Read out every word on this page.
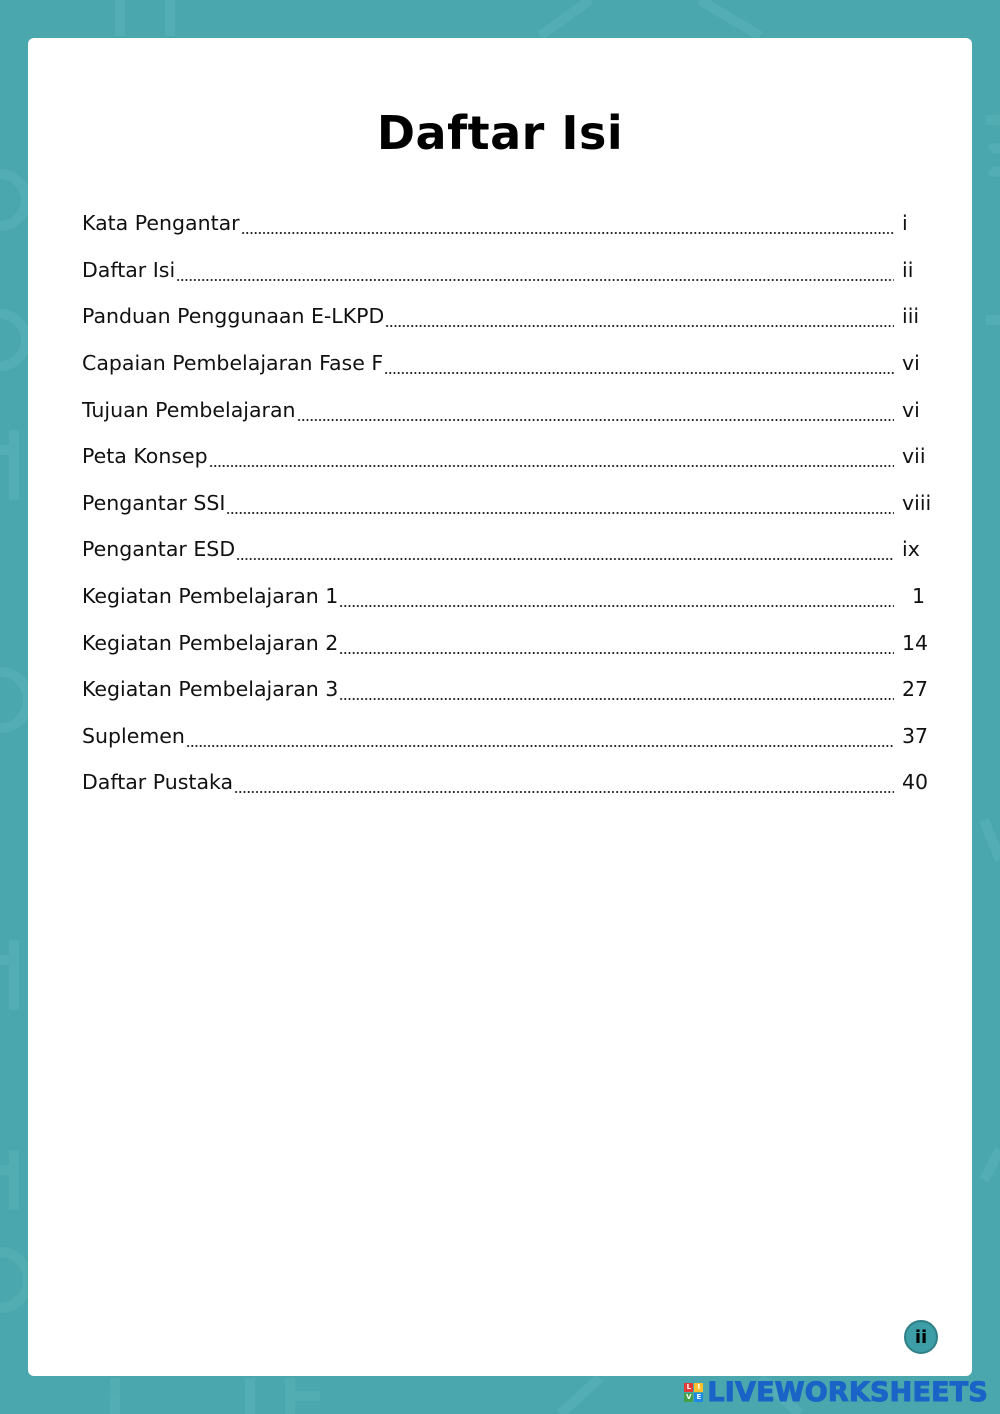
Daftar Isi
Kata Pengantar	i
Daftar Isi	ii
Panduan Penggunaan E-LKPD	iii
Capaian Pembelajaran Fase F	vi
Tujuan Pembelajaran	vi
Peta Konsep	vii
Pengantar SSI	viii
Pengantar ESD	ix
Kegiatan Pembelajaran 1	1
Kegiatan Pembelajaran 2	14
Kegiatan Pembelajaran 3	27
Suplemen	37
Daftar Pustaka	40
ii
L I
V E LIVEWORKSHEETS
